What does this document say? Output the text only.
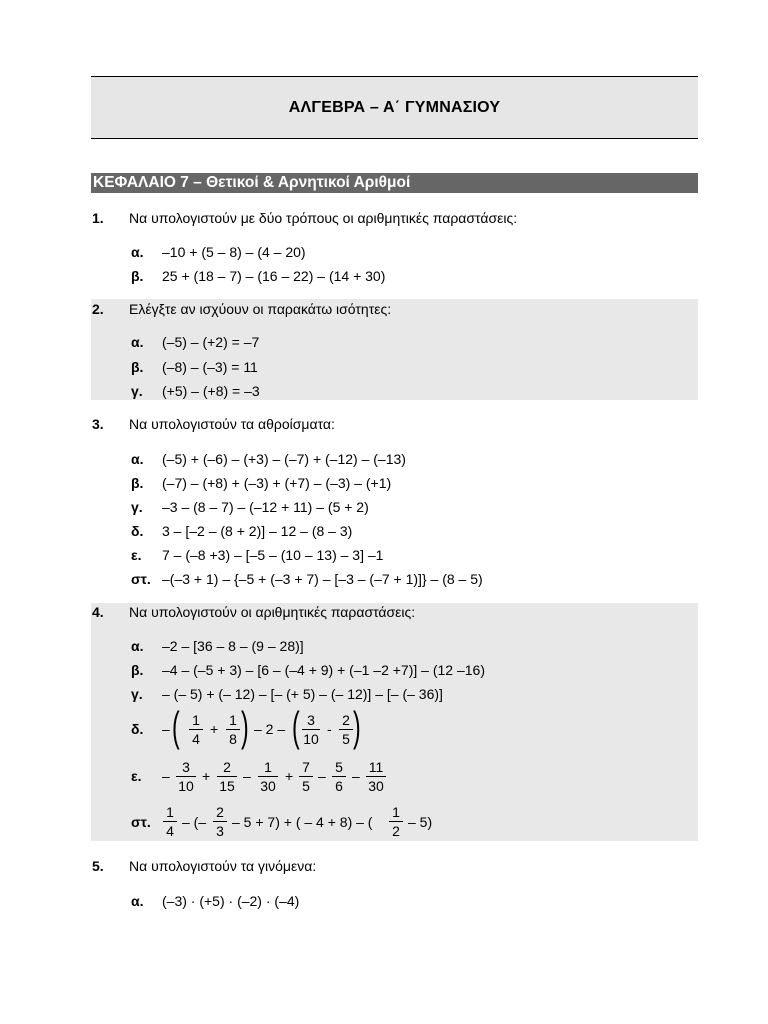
ΑΛΓΕΒΡΑ – Α΄ ΓΥΜΝΑΣΙΟΥ
ΚΕΦΑΛΑΙΟ 7 – Θετικοί & Αρνητικοί Αριθμοί
1. Να υπολογιστούν με δύο τρόπους οι αριθμητικές παραστάσεις:
α. –10 + (5 – 8) – (4 – 20)
β. 25 + (18 – 7) – (16 – 22) – (14 + 30)
2. Ελέγξτε αν ισχύουν οι παρακάτω ισότητες:
α. (–5) – (+2) = –7
β. (–8) – (–3) = 11
γ. (+5) – (+8) = –3
3. Να υπολογιστούν τα αθροίσματα:
α. (–5) + (–6) – (+3) – (–7) + (–12) – (–13)
β. (–7) – (+8) + (–3) + (+7) – (–3) – (+1)
γ. –3 – (8 – 7) – (–12 + 11) – (5 + 2)
δ. 3 – [–2 – (8 + 2)] – 12 – (8 – 3)
ε. 7 – (–8 +3) – [–5 – (10 – 13) – 3] –1
στ. –(–3 + 1) – {–5 + (–3 + 7) – [–3 – (–7 + 1)]} – (8 – 5)
4. Να υπολογιστούν οι αριθμητικές παραστάσεις:
α. –2 – [36 – 8 – (9 – 28)]
β. –4 – (–5 + 3) – [6 – (–4 + 9) + (–1 –2 +7)] – (12 –16)
γ. – (– 5) + (– 12) – [– (+ 5) – (– 12)] – [– (– 36)]
δ. – ( 1
4
+
1
8 ) – 2 – ( 3
10
-
2
5 )
ε. –
3
10
+
2
15
–
1
30
+
7
5
–
5
6
–
11
30
στ.
1
4
– (–
2
3
– 5 + 7) + ( – 4 + 8) – (
1
2
– 5)
5. Να υπολογιστούν τα γινόμενα:
α. (–3) · (+5) · (–2) · (–4)
